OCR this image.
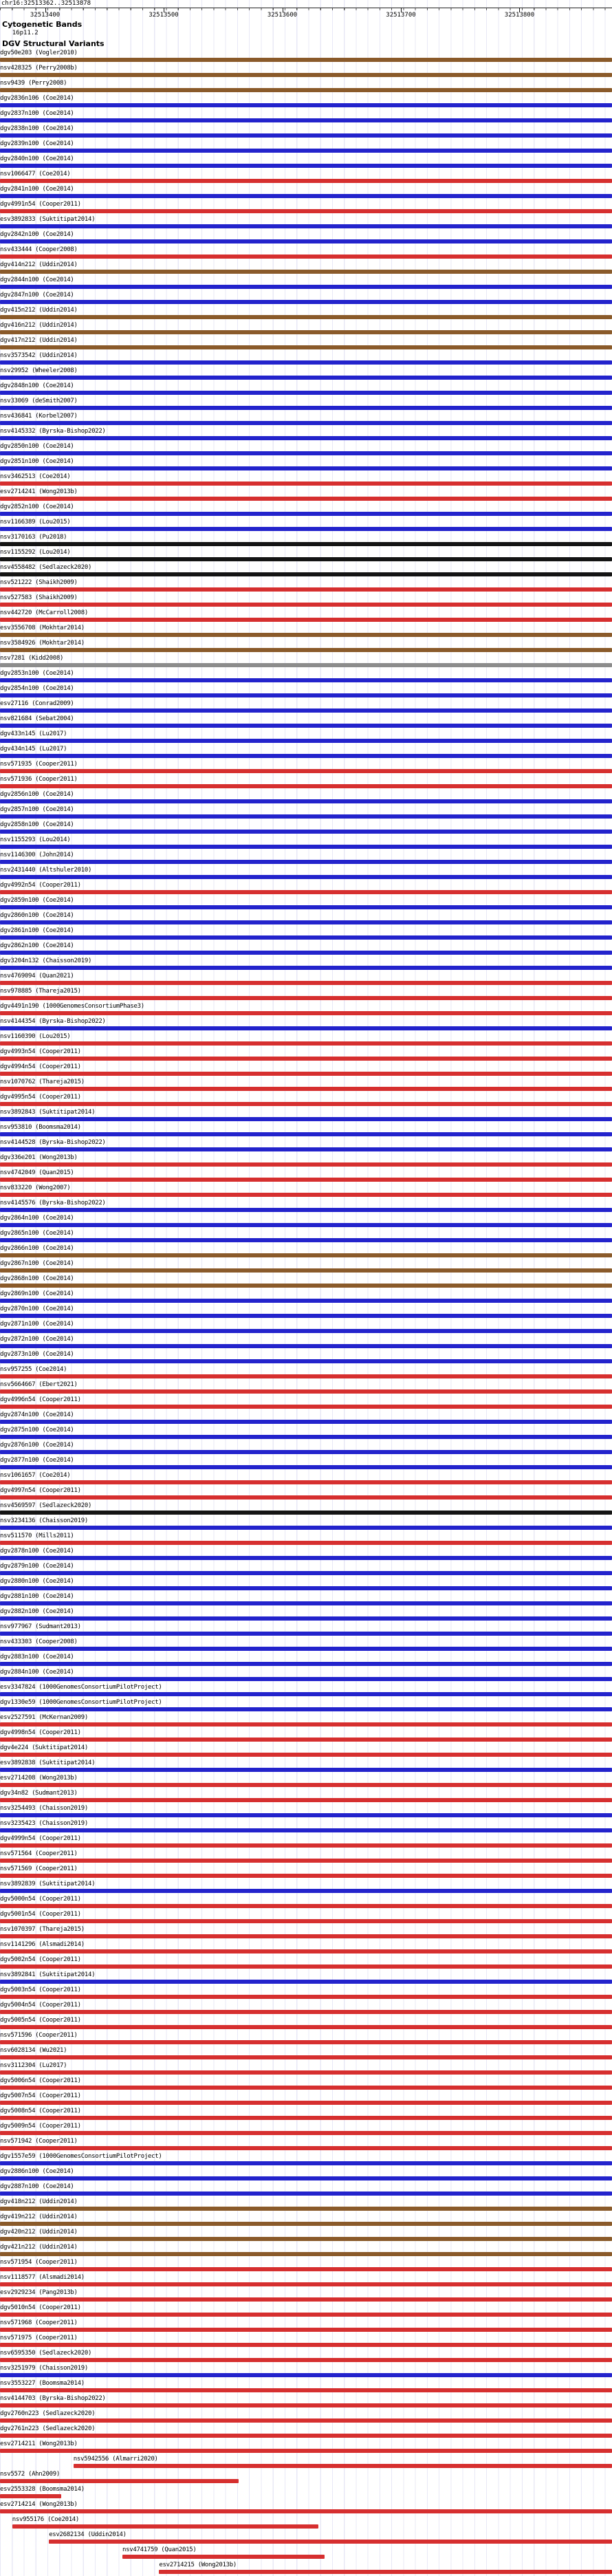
chr16:32513362..32513878
32513400	32513500	32513600	32513700	32513800
Cytogenetic Bands
16p11.2
DGV Structural Variants
dgv50e203 (Vogler2010)
nsv428325 (Perry2008b)
nsv9439 (Perry2008)
dgv2836n106 (Coe2014)
dgv2837n100 (Coe2014)
dgv2838n100 (Coe2014)
dgv2839n100 (Coe2014)
dgv2840n100 (Coe2014)
nsv1066477 (Coe2014)
dgv2841n100 (Coe2014)
dgv4991n54 (Cooper2011)
esv3892833 (Suktitipat2014)
dgv2842n100 (Coe2014)
nsv433444 (Cooper2008)
dgv414n212 (Uddin2014)
dgv2844n100 (Coe2014)
dgv2847n100 (Coe2014)
dgv415n212 (Uddin2014)
dgv416n212 (Uddin2014)
dgv417n212 (Uddin2014)
nsv3573542 (Uddin2014)
nsv29952 (Wheeler2008)
dgv2848n100 (Coe2014)
nsv33069 (deSmith2007)
nsv436841 (Korbel2007)
nsv4145332 (Byrska-Bishop2022)
dgv2850n100 (Coe2014)
dgv2851n100 (Coe2014)
nsv3462513 (Coe2014)
esv2714241 (Wong2013b)
dgv2852n100 (Coe2014)
nsv1166389 (Lou2015)
nsv3170163 (Pu2018)
nsv1155292 (Lou2014)
nsv4558482 (Sedlazeck2020)
nsv521222 (Shaikh2009)
nsv527583 (Shaikh2009)
nsv442720 (McCarroll2008)
esv3556708 (Mokhtar2014)
nsv3584926 (Mokhtar2014)
nsv7281 (Kidd2008)
dgv2853n100 (Coe2014)
dgv2854n100 (Coe2014)
esv27116 (Conrad2009)
nsv821684 (Sebat2004)
dgv433n145 (Lu2017)
dgv434n145 (Lu2017)
nsv571935 (Cooper2011)
nsv571936 (Cooper2011)
dgv2856n100 (Coe2014)
dgv2857n100 (Coe2014)
dgv2858n100 (Coe2014)
nsv1155293 (Lou2014)
nsv1146300 (John2014)
nsv2431440 (Altshuler2010)
dgv4992n54 (Cooper2011)
dgv2859n100 (Coe2014)
dgv2860n100 (Coe2014)
dgv2861n100 (Coe2014)
dgv2862n100 (Coe2014)
dgv3204n132 (Chaisson2019)
nsv4769094 (Quan2021)
nsv978885 (Thareja2015)
dgv4491n190 (1000GenomesConsortiumPhase3)
nsv4144354 (Byrska-Bishop2022)
nsv1160390 (Lou2015)
dgv4993n54 (Cooper2011)
dgv4994n54 (Cooper2011)
nsv1070762 (Thareja2015)
dgv4995n54 (Cooper2011)
nsv3892843 (Suktitipat2014)
nsv953810 (Boomsma2014)
nsv4144528 (Byrska-Bishop2022)
dgv336e201 (Wong2013b)
nsv4742049 (Quan2015)
nsv833220 (Wong2007)
nsv4145576 (Byrska-Bishop2022)
dgv2864n100 (Coe2014)
dgv2865n100 (Coe2014)
dgv2866n100 (Coe2014)
dgv2867n100 (Coe2014)
dgv2868n100 (Coe2014)
dgv2869n100 (Coe2014)
dgv2870n100 (Coe2014)
dgv2871n100 (Coe2014)
dgv2872n100 (Coe2014)
dgv2873n100 (Coe2014)
nsv957255 (Coe2014)
nsv5664667 (Ebert2021)
dgv4996n54 (Cooper2011)
dgv2874n100 (Coe2014)
dgv2875n100 (Coe2014)
dgv2876n100 (Coe2014)
dgv2877n100 (Coe2014)
nsv1061657 (Coe2014)
dgv4997n54 (Cooper2011)
nsv4569597 (Sedlazeck2020)
nsv3234136 (Chaisson2019)
nsv511570 (Mills2011)
dgv2878n100 (Coe2014)
dgv2879n100 (Coe2014)
dgv2880n100 (Coe2014)
dgv2881n100 (Coe2014)
dgv2882n100 (Coe2014)
nsv977967 (Sudmant2013)
nsv433303 (Cooper2008)
dgv2883n100 (Coe2014)
dgv2884n100 (Coe2014)
esv3347824 (1000GenomesConsortiumPilotProject)
dgv1330e59 (1000GenomesConsortiumPilotProject)
esv2527591 (McKernan2009)
dgv4998n54 (Cooper2011)
dgv4e224 (Suktitipat2014)
esv3892838 (Suktitipat2014)
esv2714208 (Wong2013b)
dgv34n82 (Sudmant2013)
nsv3254493 (Chaisson2019)
nsv3235423 (Chaisson2019)
dgv4999n54 (Cooper2011)
nsv571564 (Cooper2011)
nsv571569 (Cooper2011)
nsv3892839 (Suktitipat2014)
dgv5000n54 (Cooper2011)
dgv5001n54 (Cooper2011)
nsv1070397 (Thareja2015)
nsv1141296 (Alsmadi2014)
dgv5002n54 (Cooper2011)
nsv3892841 (Suktitipat2014)
dgv5003n54 (Cooper2011)
dgv5004n54 (Cooper2011)
dgv5005n54 (Cooper2011)
nsv571596 (Cooper2011)
nsv6028134 (Wu2021)
nsv3112304 (Lu2017)
dgv5006n54 (Cooper2011)
dgv5007n54 (Cooper2011)
dgv5008n54 (Cooper2011)
dgv5009n54 (Cooper2011)
nsv571942 (Cooper2011)
dgv1557e59 (1000GenomesConsortiumPilotProject)
dgv2886n100 (Coe2014)
dgv2887n100 (Coe2014)
dgv418n212 (Uddin2014)
dgv419n212 (Uddin2014)
dgv420n212 (Uddin2014)
dgv421n212 (Uddin2014)
nsv571954 (Cooper2011)
nsv1118577 (Alsmadi2014)
esv2929234 (Pang2013b)
dgv5010n54 (Cooper2011)
nsv571968 (Cooper2011)
nsv571975 (Cooper2011)
nsv6595350 (Sedlazeck2020)
nsv3251979 (Chaisson2019)
nsv3553227 (Boomsma2014)
nsv4144703 (Byrska-Bishop2022)
dgv2760n223 (Sedlazeck2020)
dgv2761n223 (Sedlazeck2020)
esv2714211 (Wong2013b)
nsv5942556 (Almarri2020)
nsv5572 (Ahn2009)
esv2553328 (Boomsma2014)
esv2714214 (Wong2013b)
nsv955176 (Coe2014)
esv2682134 (Uddin2014)
nsv4741759 (Quan2015)
esv2714215 (Wong2013b)
